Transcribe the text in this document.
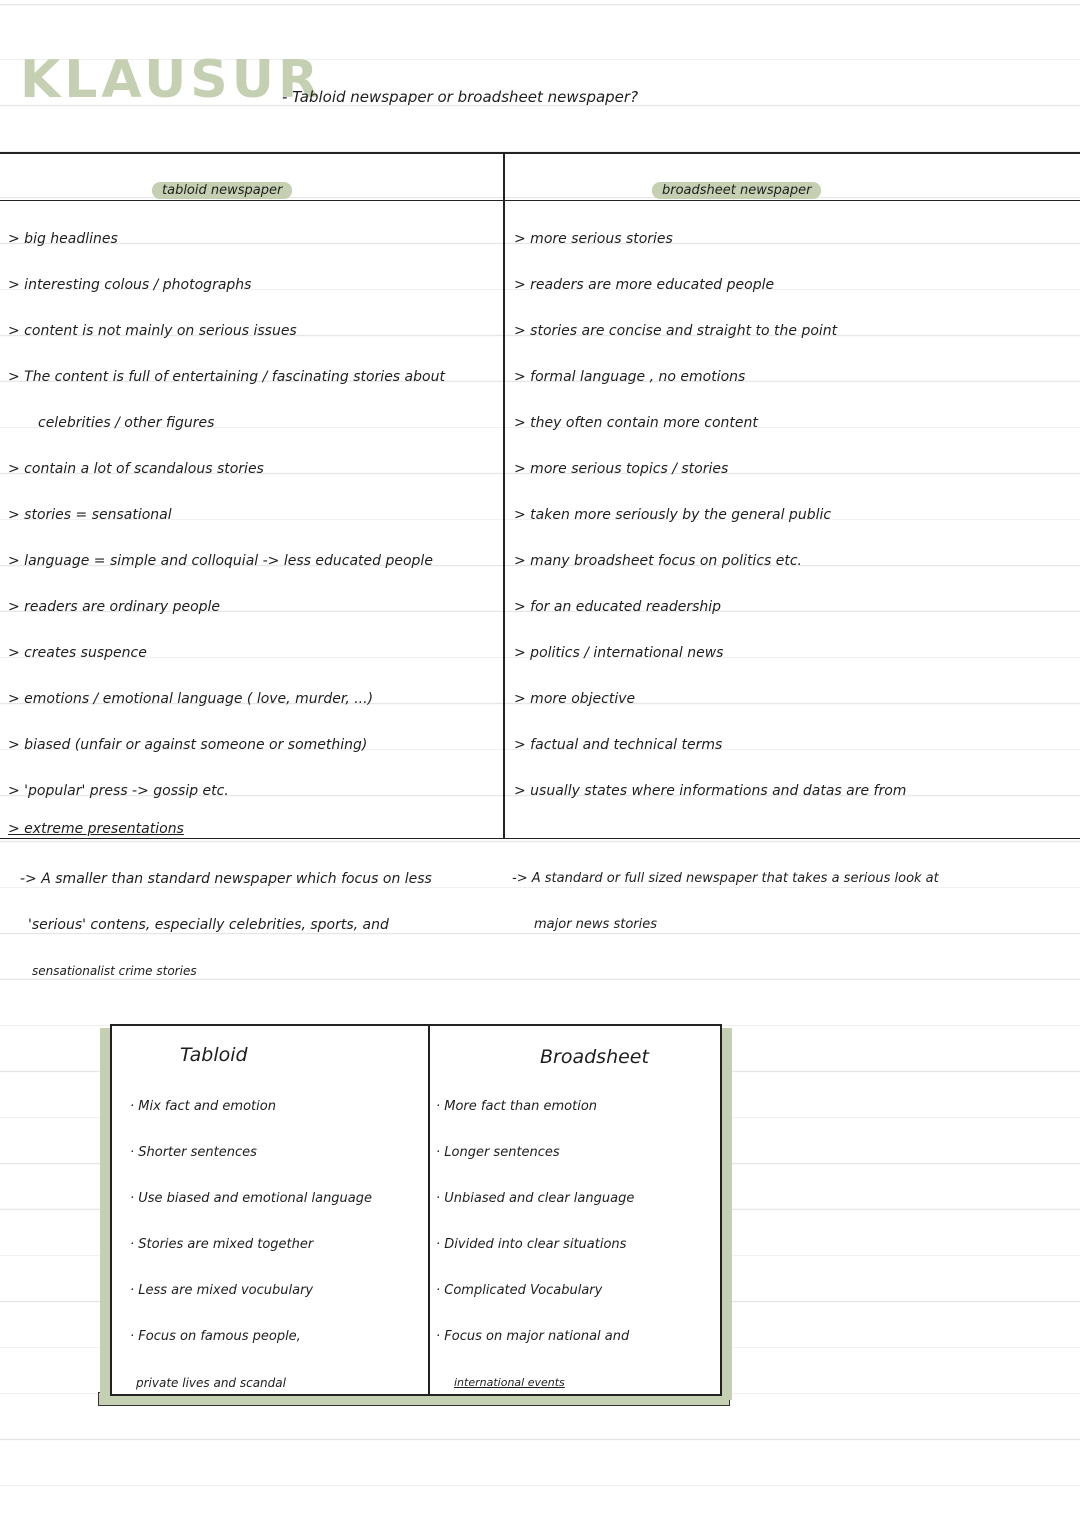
KLAUSUR
- Tabloid newspaper or broadsheet newspaper?
tabloid newspaper	broadsheet newspaper
> big headlines
> interesting colous / photographs
> content is not mainly on serious issues
> The content is full of entertaining / fascinating stories about
celebrities / other figures
> contain a lot of scandalous stories
> stories = sensational
> language = simple and colloquial -> less educated people
> readers are ordinary people
> creates suspence
> emotions / emotional language ( love, murder, ...)
> biased (unfair or against someone or something)
> 'popular' press -> gossip etc.
> extreme presentations
> more serious stories
> readers are more educated people
> stories are concise and straight to the point
> formal language , no emotions
> they often contain more content
> more serious topics / stories
> taken more seriously by the general public
> many broadsheet focus on politics etc.
> for an educated readership
> politics / international news
> more objective
> factual and technical terms
> usually states where informations and datas are from
-> A smaller than standard newspaper which focus on less
'serious' contens, especially celebrities, sports, and
sensationalist crime stories
-> A standard or full sized newspaper that takes a serious look at
major news stories
Tabloid	Broadsheet
· Mix fact and emotion
· Shorter sentences
· Use biased and emotional language
· Stories are mixed together
· Less are mixed vocubulary
· Focus on famous people,
private lives and scandal
· More fact than emotion
· Longer sentences
· Unbiased and clear language
· Divided into clear situations
· Complicated Vocabulary
· Focus on major national and
international events
